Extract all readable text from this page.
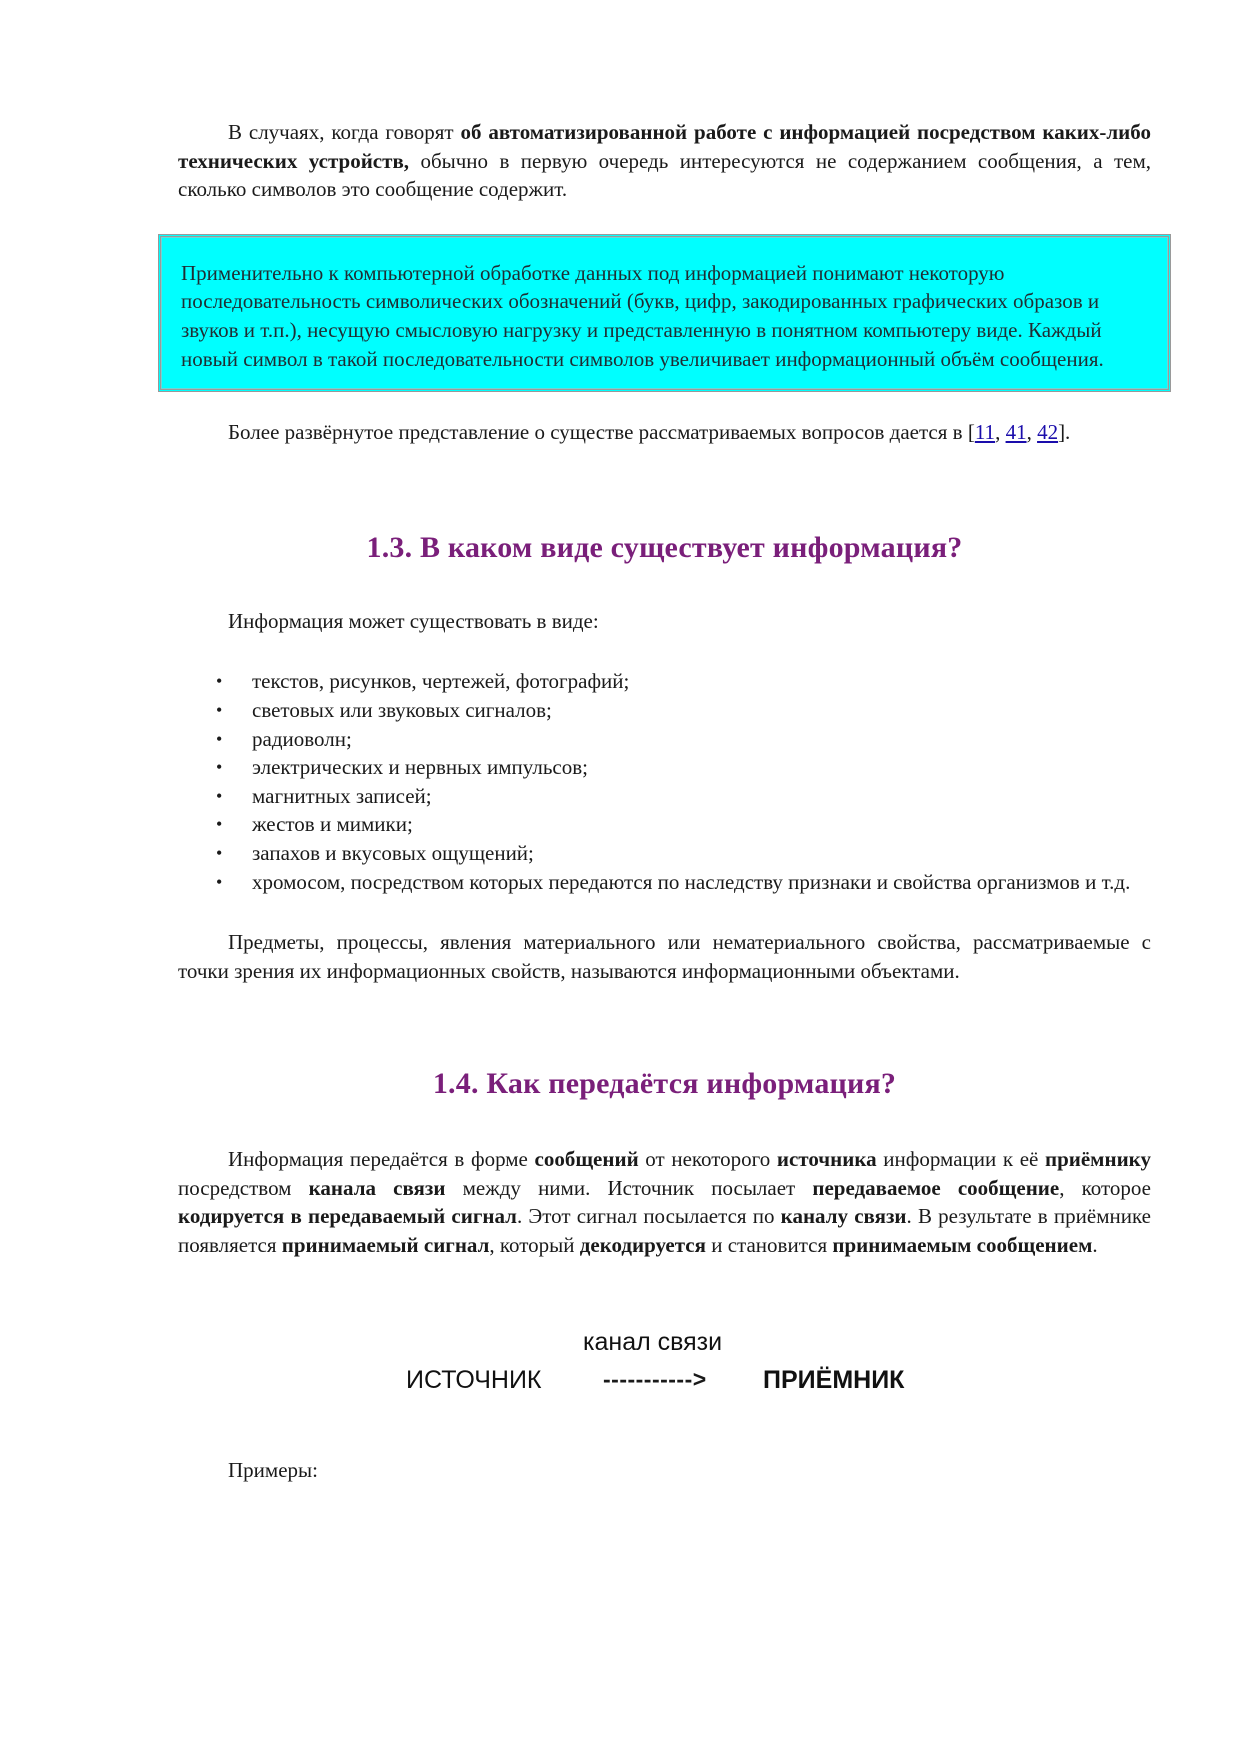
В случаях, когда говорят об автоматизированной работе с информацией посредством каких-либо технических устройств, обычно в первую очередь интересуются не содержанием сообщения, а тем, сколько символов это сообщение содержит.

Применительно к компьютерной обработке данных под информацией понимают некоторую последовательность символических обозначений (букв, цифр, закодированных графических образов и звуков и т.п.), несущую смысловую нагрузку и представленную в понятном компьютеру виде. Каждый новый символ в такой последовательности символов увеличивает информационный объём сообщения.

Более развёрнутое представление о существе рассматриваемых вопросов дается в [11, 41, 42].

1.3. В каком виде существует информация?

Информация может существовать в виде:

• текстов, рисунков, чертежей, фотографий;
• световых или звуковых сигналов;
• радиоволн;
• электрических и нервных импульсов;
• магнитных записей;
• жестов и мимики;
• запахов и вкусовых ощущений;
• хромосом, посредством которых передаются по наследству признаки и свойства организмов и т.д.

Предметы, процессы, явления материального или нематериального свойства, рассматриваемые с точки зрения их информационных свойств, называются информационными объектами.

1.4. Как передаётся информация?

Информация передаётся в форме сообщений от некоторого источника информации к её приёмнику посредством канала связи между ними. Источник посылает передаваемое сообщение, которое кодируется в передаваемый сигнал. Этот сигнал посылается по каналу связи. В результате в приёмнике появляется принимаемый сигнал, который декодируется и становится принимаемым сообщением.

канал связи
ИСТОЧНИК	-----------> ПРИЁМНИК

Примеры:
